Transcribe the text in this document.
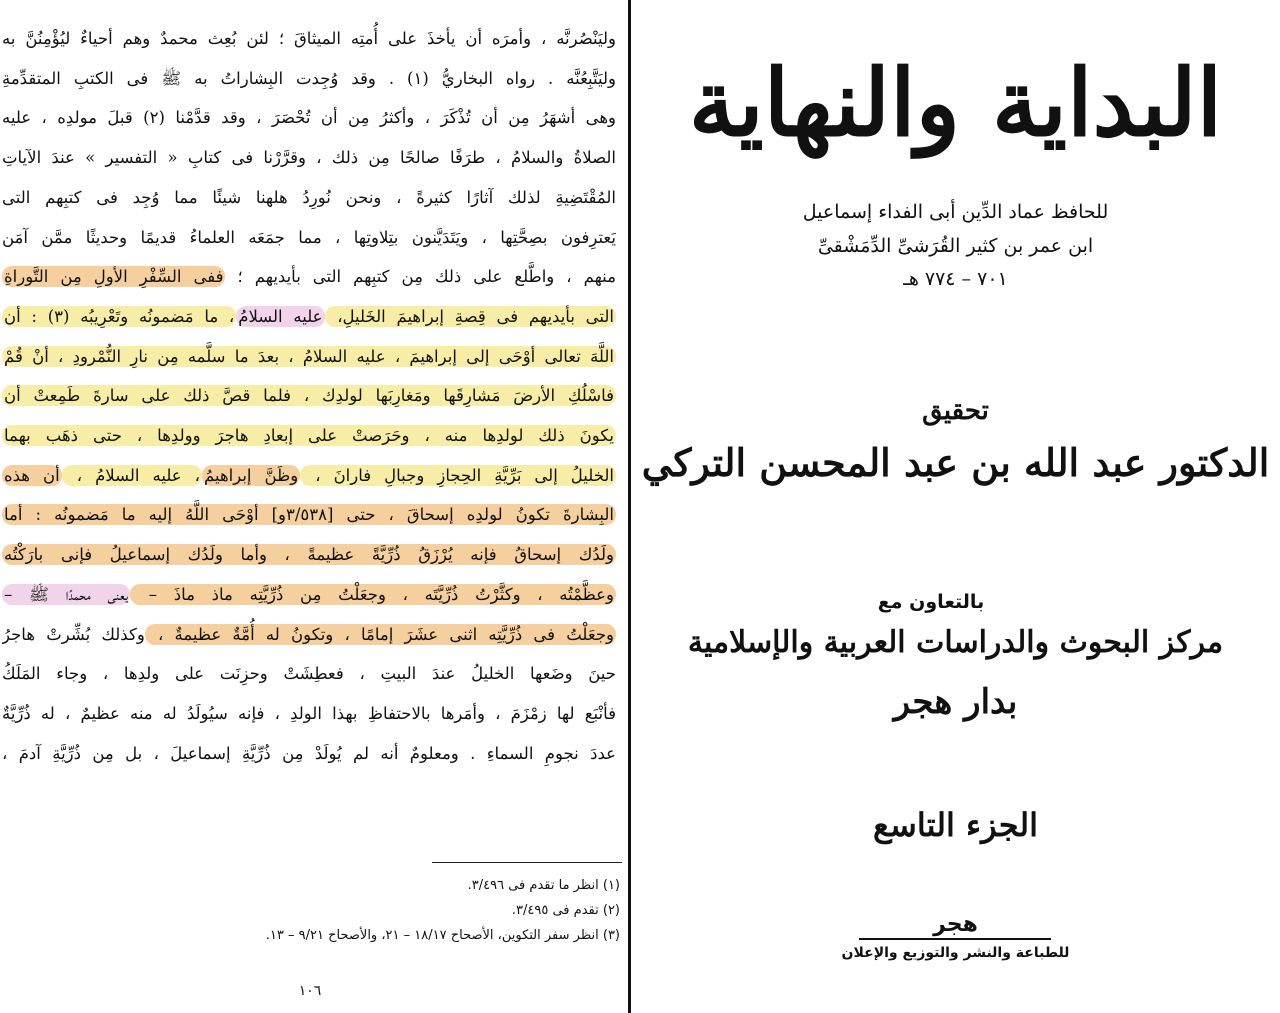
وليَنْصُرنَّه ، وأمرَه أن يأخذَ على أُمتِه الميثاقَ ؛ لئن بُعِث محمدٌ وهم أحياءٌ ليُؤْمِنُنَّ به
وليَتَّبِعُنَّه . رواه البخاريُّ (١) . وقد وُجِدت البِشاراتُ به ﷺ فى الكتبِ المتقدِّمةِ
وهى أشهَرُ مِن أن تُذْكَرَ ، وأكثرُ مِن أن تُحْصَرَ ، وقد قدَّمْنا (٢) قبلَ مولدِه ، عليه
الصلاةُ والسلامُ ، طرَفًا صالحًا مِن ذلك ، وقرَّرْنا فى كتابِ « التفسير » عندَ الآياتِ
المُقْتَضِيةِ لذلك آثارًا كثيرةً ، ونحن نُورِدُ هلهنا شيئًا مما وُجِد فى كتبِهم التى
يَعترِفون بصِحَّتِها ، ويَتَدَيَّنون بتِلاوتِها ، مما جمَعَه العلماءُ قديمًا وحديثًا ممَّن آمَن
منهم ، واطَّلع على ذلك مِن كتبِهم التى بأيديهم ؛ ففى السِّفْرِ الأولِ مِن التَّوراةِ
التى بأيديهم فى قِصةِ إبراهيمَ الخَليلِ، عليه السلامُ، ما مَضمونُه وتَعْرِيبُه (٣) : أن
اللَّهَ تعالى أوْحَى إلى إبراهيمَ ، عليه السلامُ ، بعدَ ما سلَّمه مِن نارِ النُّمْرودِ ، أنْ قُمْ
فاسْلُكِ الأرضَ مَشارِقَها ومَغارِبَها لولدِك ، فلما قصَّ ذلك على سارةَ طَمِعتْ أن
يكونَ ذلك لولدِها منه ، وحَرَصتْ على إبعادِ هاجرَ وولدِها ، حتى ذهَب بهما
الخليلُ إلى بَرِّيَّةِ الحِجازِ وجبالِ فارانَ ، وظَنَّ إبراهيمُ، عليه السلامُ ، أن هذه
البِشارةَ تكونُ لولدِه إسحاقَ ، حتى [٣/٥٣٨و] أوْحَى اللَّهُ إليه ما مَضمونُه : أما
ولَدُك إسحاقُ فإنه يُرْزَقُ ذُرِّيَّةً عظيمةً ، وأما ولَدُك إسماعيلُ فإنى بارَكْتُه
وعظَّمْتُه ، وكثَّرْتُ ذُرِّيَّتَه ، وجعَلْتُ مِن ذُرِّيَّتِه ماذ ماذَ – يعنى محمدًا ﷺ –
وجعَلْتُ فى ذُرِّيَّتِه اثنى عشَرَ إمامًا ، وتكونُ له أُمَّةٌ عظيمةٌ ، وكذلك بُشِّرتْ هاجرُ
حينَ وضَعها الخليلُ عندَ البيتِ ، فعطِشَتْ وحزِنَت على ولدِها ، وجاء المَلَكُ
فأنْبَع لها زمْزَمَ ، وأمَرها بالاحتفاظِ بهذا الولدِ ، فإنه سيُولَدُ له منه عظيمٌ ، له ذُرِّيَّةٌ
عددَ نجومِ السماءِ . ومعلومٌ أنه لم يُولَدْ مِن ذُرِّيَّةِ إسماعيلَ ، بل مِن ذُرِّيَّةِ آدمَ ،
(١) انظر ما تقدم فى ٣/٤٩٦.
(٢) تقدم فى ٣/٤٩٥.
(٣) انظر سفر التكوين، الأصحاح ١٨/١٧ – ٢١، والأصحاح ٩/٢١ – ١٣.
١٠٦
البداية والنهاية
للحافظ عماد الدِّين أبى الفداء إسماعيل
ابن عمر بن كثير القُرَشىِّ الدِّمَشْقىِّ
٧٠١ – ٧٧٤ هـ
تحقيق
الدكتور عبد الله بن عبد المحسن التركي
بالتعاون مع
مركز البحوث والدراسات العربية والإسلامية
بدار هجر
الجزء التاسع
هجر
للطباعة والنشر والتوزيع والإعلان
